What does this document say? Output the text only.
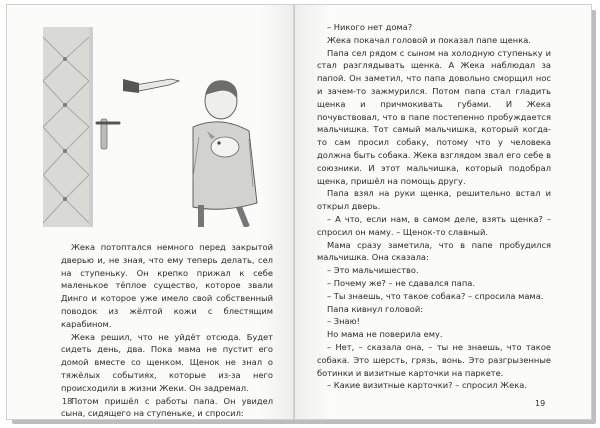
Жека потоптался немного перед закрытой дверью и, не зная, что ему теперь делать, сел на ступеньку. Он крепко прижал к себе маленькое тёплое существо, которое звали Динго и которое уже имело свой собственный поводок из жёлтой кожи с блестящим карабином.

Жека решил, что не уйдёт отсюда. Будет сидеть день, два. Пока мама не пустит его домой вместе со щенком. Щенок не знал о тяжёлых событиях, которые из-за него происходили в жизни Жеки. Он задремал.

Потом пришёл с работы папа. Он увидел сына, сидящего на ступеньке, и спросил:

18

– Никого нет дома?

Жека покачал головой и показал папе щенка.

Папа сел рядом с сыном на холодную ступеньку и стал разглядывать щенка. А Жека наблюдал за папой. Он заметил, что папа довольно сморщил нос и зачем-то зажмурился. Потом папа стал гладить щенка и причмокивать губами. И Жека почувствовал, что в папе постепенно пробуждается мальчишка. Тот самый мальчишка, который когда-то сам просил собаку, потому что у человека должна быть собака. Жека взглядом звал его себе в союзники. И этот мальчишка, который подобрал щенка, пришёл на помощь другу.

Папа взял на руки щенка, решительно встал и открыл дверь.

– А что, если нам, в самом деле, взять щенка? – спросил он маму. – Щенок-то славный.

Мама сразу заметила, что в папе пробудился мальчишка. Она сказала:

– Это мальчишество.

– Почему же? – не сдавался папа.

– Ты знаешь, что такое собака? – спросила мама.

Папа кивнул головой:

– Знаю!

Но мама не поверила ему.

– Нет, – сказала она, – ты не знаешь, что такое собака. Это шерсть, грязь, вонь. Это разгрызенные ботинки и визитные карточки на паркете.

– Какие визитные карточки? – спросил Жека.

19
